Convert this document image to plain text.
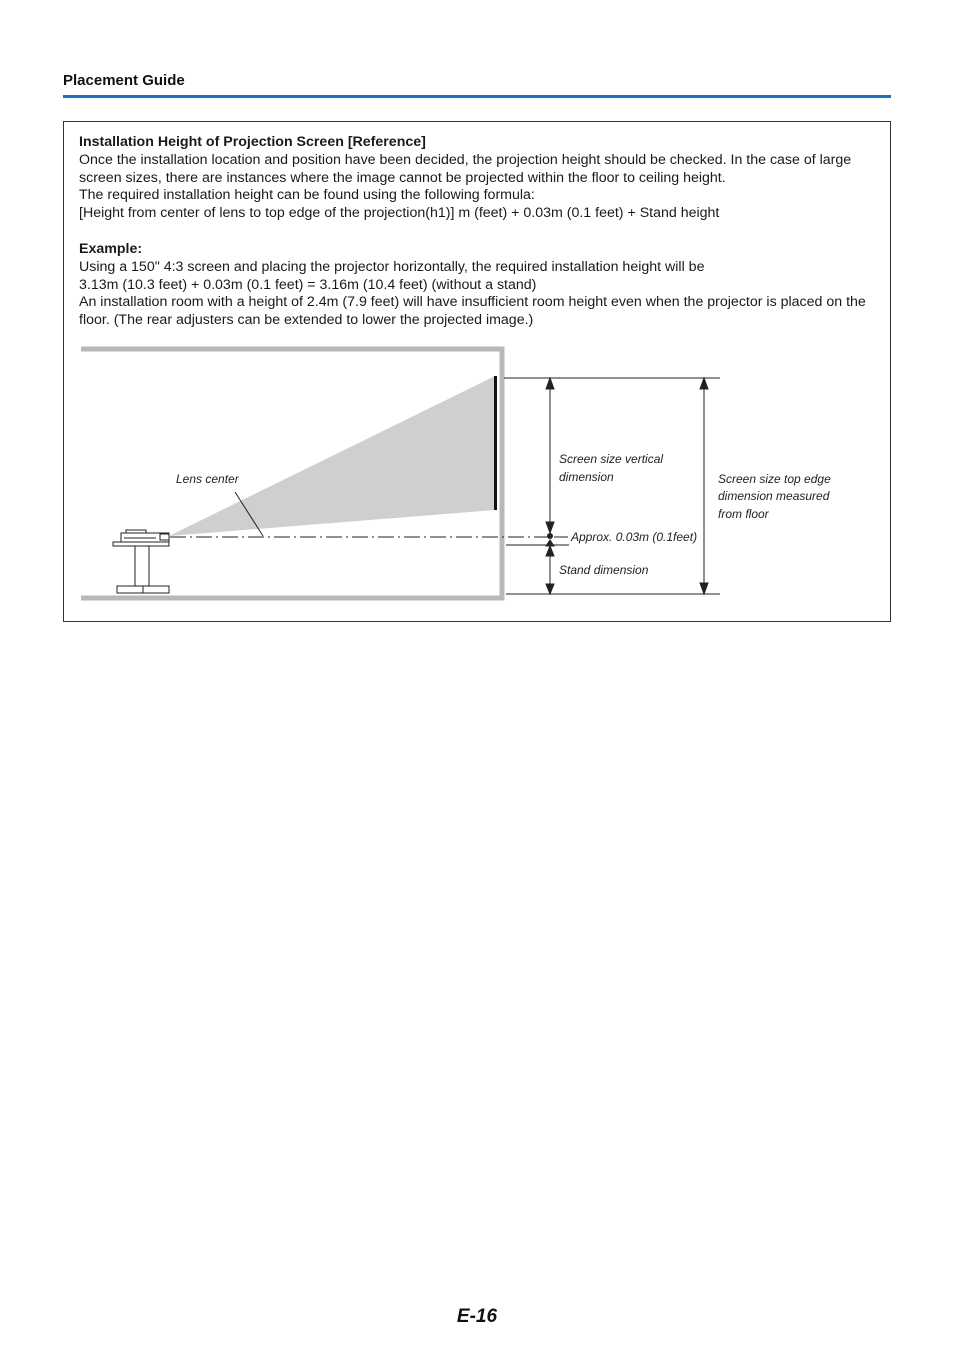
Placement Guide

Installation Height of Projection Screen [Reference]

Once the installation location and position have been decided, the projection height should be checked. In the case of large screen sizes, there are instances where the image cannot be projected within the floor to ceiling height.

The required installation height can be found using the following formula:

[Height from center of lens to top edge of the projection(h1)] m (feet) + 0.03m (0.1 feet) + Stand height

Example:

Using a 150" 4:3 screen and placing the projector horizontally, the required installation height will be

3.13m (10.3 feet) + 0.03m (0.1 feet) = 3.16m (10.4 feet) (without a stand)

An installation room with a height of 2.4m (7.9 feet) will have insufficient room height even when the projector is placed on the floor. (The rear adjusters can be extended to lower the projected image.)

Lens center
Screen size vertical
dimension
Approx. 0.03m (0.1feet)
Stand dimension
Screen size top edge
dimension measured
from floor
E-16
